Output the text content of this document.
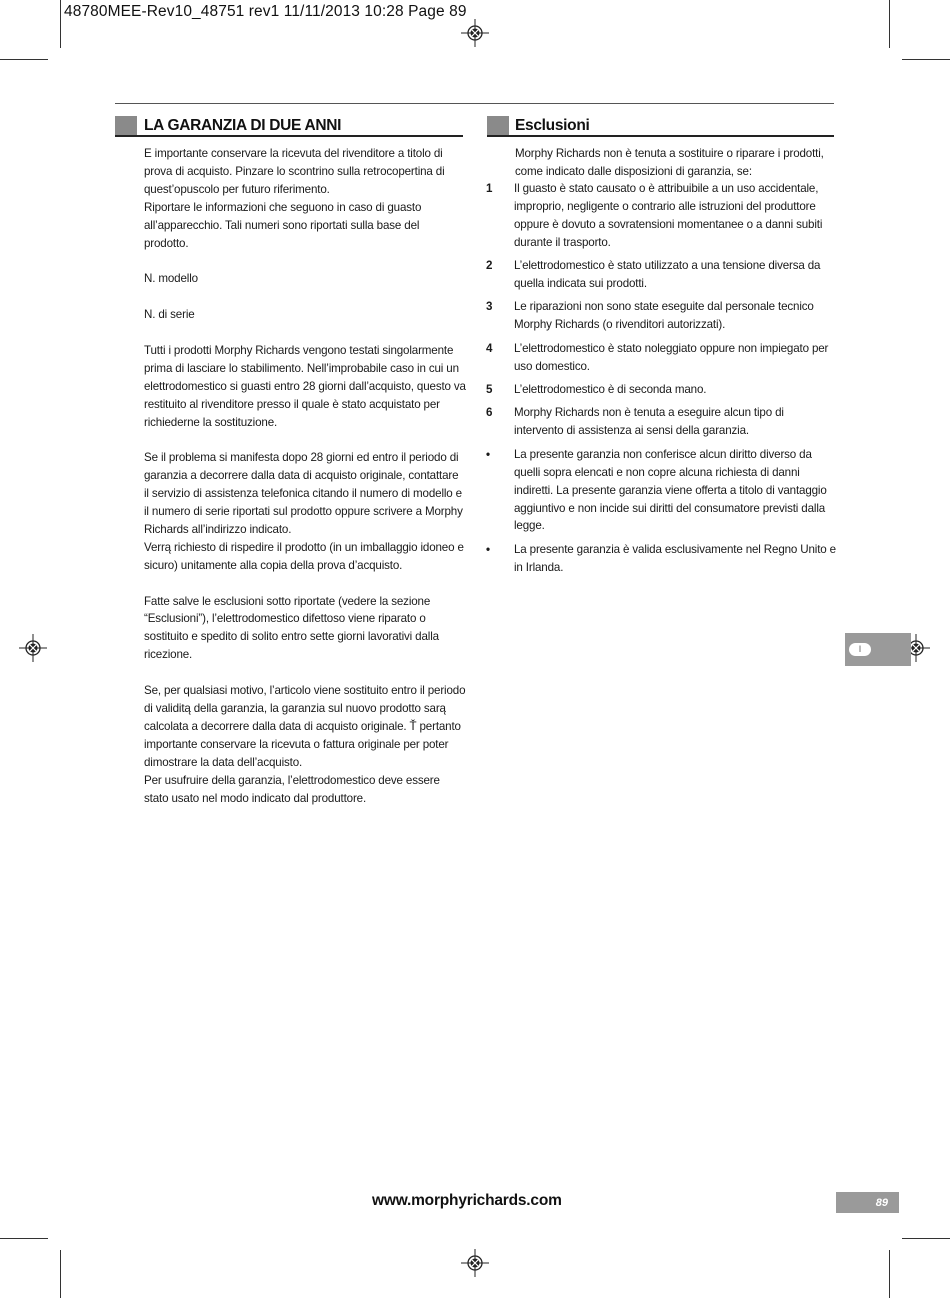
48780MEE-Rev10_48751 rev1 11/11/2013 10:28 Page 89
LA GARANZIA DI DUE ANNI

E importante conservare la ricevuta del rivenditore a titolo di prova di acquisto. Pinzare lo scontrino sulla retrocopertina di quest’opuscolo per futuro riferimento.

Riportare le informazioni che seguono in caso di guasto all’apparecchio. Tali numeri sono riportati sulla base del prodotto.

N. modello

N. di serie

Tutti i prodotti Morphy Richards vengono testati singolarmente prima di lasciare lo stabilimento. Nell’improbabile caso in cui un elettrodomestico si guasti entro 28 giorni dall’acquisto, questo va restituito al rivenditore presso il quale è stato acquistato per richiederne la sostituzione.

Se il problema si manifesta dopo 28 giorni ed entro il periodo di garanzia a decorrere dalla data di acquisto originale, contattare il servizio di assistenza telefonica citando il numero di modello e il numero di serie riportati sul prodotto oppure scrivere a Morphy Richards all’indirizzo indicato.

Verrą richiesto di rispedire il prodotto (in un imballaggio idoneo e sicuro) unitamente alla copia della prova d’acquisto.

Fatte salve le esclusioni sotto riportate (vedere la sezione “Esclusioni”), l’elettrodomestico difettoso viene riparato o sostituito e spedito di solito entro sette giorni lavorativi dalla ricezione.

Se, per qualsiasi motivo, l’articolo viene sostituito entro il periodo di validitą della garanzia, la garanzia sul nuovo prodotto sarą calcolata a decorrere dalla data di acquisto originale. Ť pertanto importante conservare la ricevuta o fattura originale per poter dimostrare la data dell’acquisto.

Per usufruire della garanzia, l’elettrodomestico deve essere stato usato nel modo indicato dal produttore.

Esclusioni

Morphy Richards non è tenuta a sostituire o riparare i prodotti, come indicato dalle disposizioni di garanzia, se:

1	Il guasto è stato causato o è attribuibile a un uso accidentale, improprio, negligente o contrario alle istruzioni del produttore oppure è dovuto a sovratensioni momentanee o a danni subiti durante il trasporto.
2	L’elettrodomestico è stato utilizzato a una tensione diversa da quella indicata sui prodotti.
3	Le riparazioni non sono state eseguite dal personale tecnico Morphy Richards (o rivenditori autorizzati).
4	L’elettrodomestico è stato noleggiato oppure non impiegato per uso domestico.
5	L’elettrodomestico è di seconda mano.
6	Morphy Richards non è tenuta a eseguire alcun tipo di intervento di assistenza ai sensi della garanzia.
•	La presente garanzia non conferisce alcun diritto diverso da quelli sopra elencati e non copre alcuna richiesta di danni indiretti. La presente garanzia viene offerta a titolo di vantaggio aggiuntivo e non incide sui diritti del consumatore previsti dalla legge.
•	La presente garanzia è valida esclusivamente nel Regno Unito e in Irlanda.
I
www.morphyrichards.com	89
